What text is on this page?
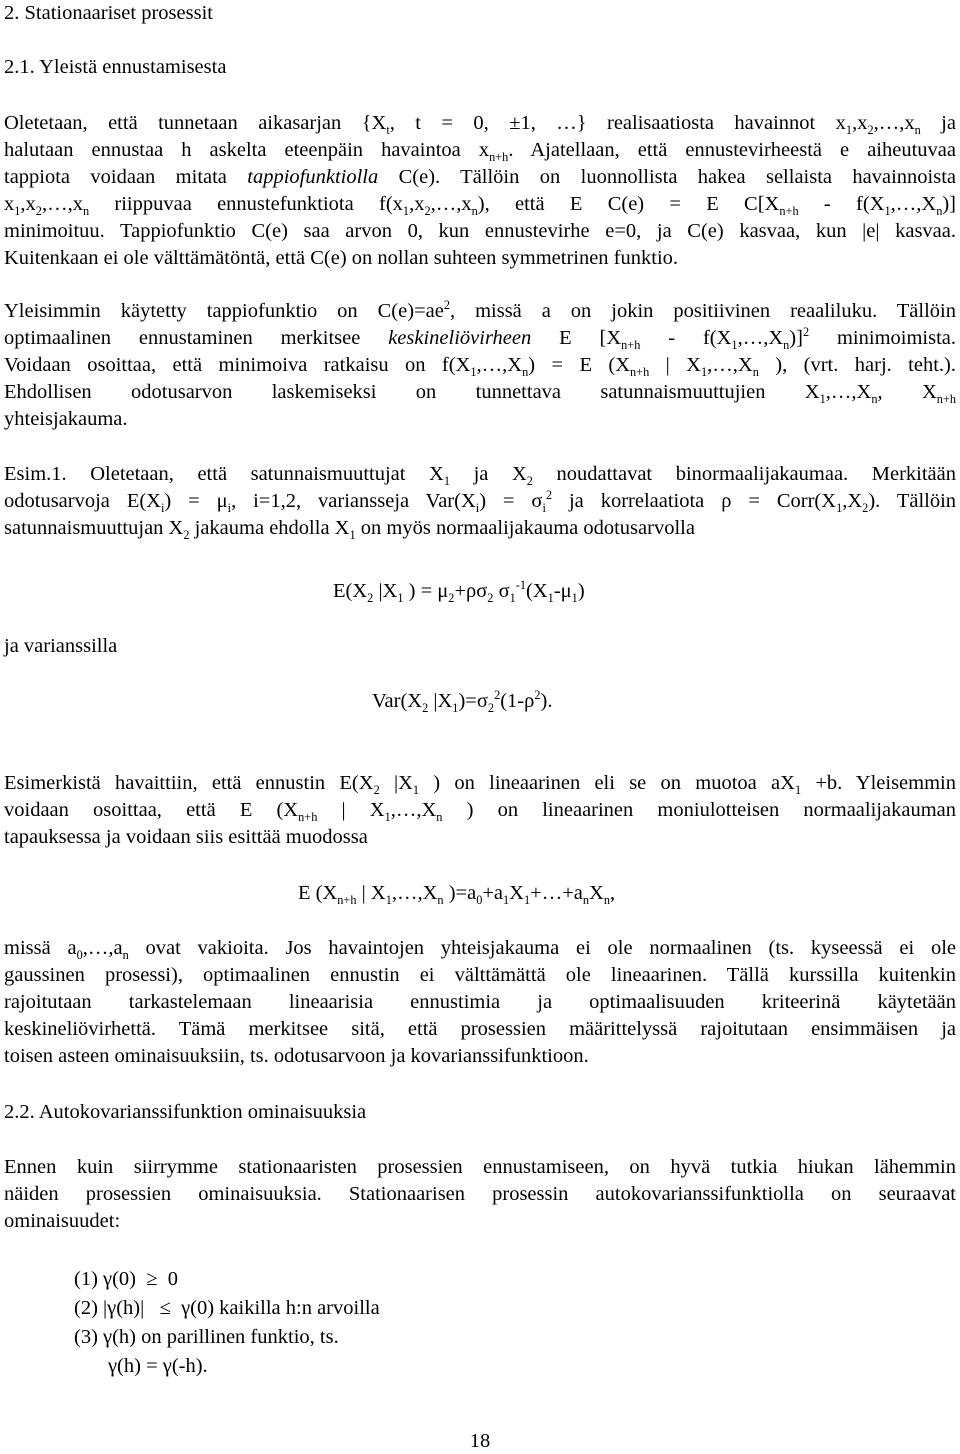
2. Stationaariset prosessit
2.1. Yleistä ennustamisesta
Oletetaan, että tunnetaan aikasarjan {$X_t$, t = 0, ±1, …} realisaatiosta havainnot $x_1,x_2,\dots,x_n$ ja
halutaan ennustaa h askelta eteenpäin havaintoa $x_{n+h}$. Ajatellaan, että ennustevirheestä e aiheutuvaa
tappiota voidaan mitata tappiofunktiolla C(e). Tällöin on luonnollista hakea sellaista havainnoista
$x_1,x_2,\dots,x_n$ riippuvaa ennustefunktiota $f(x_1,x_2,\dots,x_n)$, että E C(e) = E $C[X_{n+h}$ - $f(X_1,\dots,X_n)$]
minimoituu. Tappiofunktio C(e) saa arvon 0, kun ennustevirhe e=0, ja C(e) kasvaa, kun |e| kasvaa.
Kuitenkaan ei ole välttämätöntä, että C(e) on nollan suhteen symmetrinen funktio.
Yleisimmin käytetty tappiofunktio on $C(e)=ae^2$, missä a on jokin positiivinen reaaliluku. Tällöin
optimaalinen ennustaminen merkitsee keskineliövirheen E [$X_{n+h}$ - $f(X_1,\dots,X_n)]^2$ minimoimista.
Voidaan osoittaa, että minimoiva ratkaisu on $f(X_1,\dots,X_n) = E$ ($X_{n+h}$ | $X_1,\dots,X_n$ ), (vrt. harj. teht.).
Ehdollisen odotusarvon laskemiseksi on tunnettava satunnaismuuttujien $X_1,\dots,X_n$, $X_{n+h}$
yhteisjakauma.
Esim.1. Oletetaan, että satunnaismuuttujat $X_1$ ja $X_2$ noudattavat binormaalijakaumaa. Merkitään
odotusarvoja $E(X_i) = \mu_i$, i=1,2, variansseja $Var(X_i) = \sigma_i^2$ ja korrelaatiota $\rho = Corr(X_1,X_2)$. Tällöin
satunnaismuuttujan $X_2$ jakauma ehdolla $X_1$ on myös normaalijakauma odotusarvolla
$E(X_2$ $|X_1$ ) = $\mu_2+\rho\sigma_2$ $\sigma_1^{-1}(X_1-\mu_1)$
ja varianssilla
$Var(X_2$ $|X_1)=\sigma_2^2(1-\rho^2)$.
Esimerkistä havaittiin, että ennustin $E(X_2$ $|X_1$ ) on lineaarinen eli se on muotoa $aX_1 +b$. Yleisemmin
voidaan osoittaa, että E ($X_{n+h}$ | $X_1,\dots,X_n$ ) on lineaarinen moniulotteisen normaalijakauman
tapauksessa ja voidaan siis esittää muodossa
E ($X_{n+h}$ | $X_1,\dots,X_n$ )$=a_0+a_1X_1+\dots+a_nX_n$,
missä $a_0,\dots,a_n$ ovat vakioita. Jos havaintojen yhteisjakauma ei ole normaalinen (ts. kyseessä ei ole
gaussinen prosessi), optimaalinen ennustin ei välttämättä ole lineaarinen. Tällä kurssilla kuitenkin
rajoitutaan tarkastelemaan lineaarisia ennustimia ja optimaalisuuden kriteerinä käytetään
keskineliövirhettä. Tämä merkitsee sitä, että prosessien määrittelyssä rajoitutaan ensimmäisen ja
toisen asteen ominaisuuksiin, ts. odotusarvoon ja kovarianssifunktioon.
2.2. Autokovarianssifunktion ominaisuuksia
Ennen kuin siirrymme stationaaristen prosessien ennustamiseen, on hyvä tutkia hiukan lähemmin
näiden prosessien ominaisuuksia. Stationaarisen prosessin autokovarianssifunktiolla on seuraavat
ominaisuudet:
(1) γ(0)  ≥  0
(2) |γ(h)|   ≤  γ(0) kaikilla h:n arvoilla
(3) γ(h) on parillinen funktio, ts.
γ(h) = γ(-h).
18
